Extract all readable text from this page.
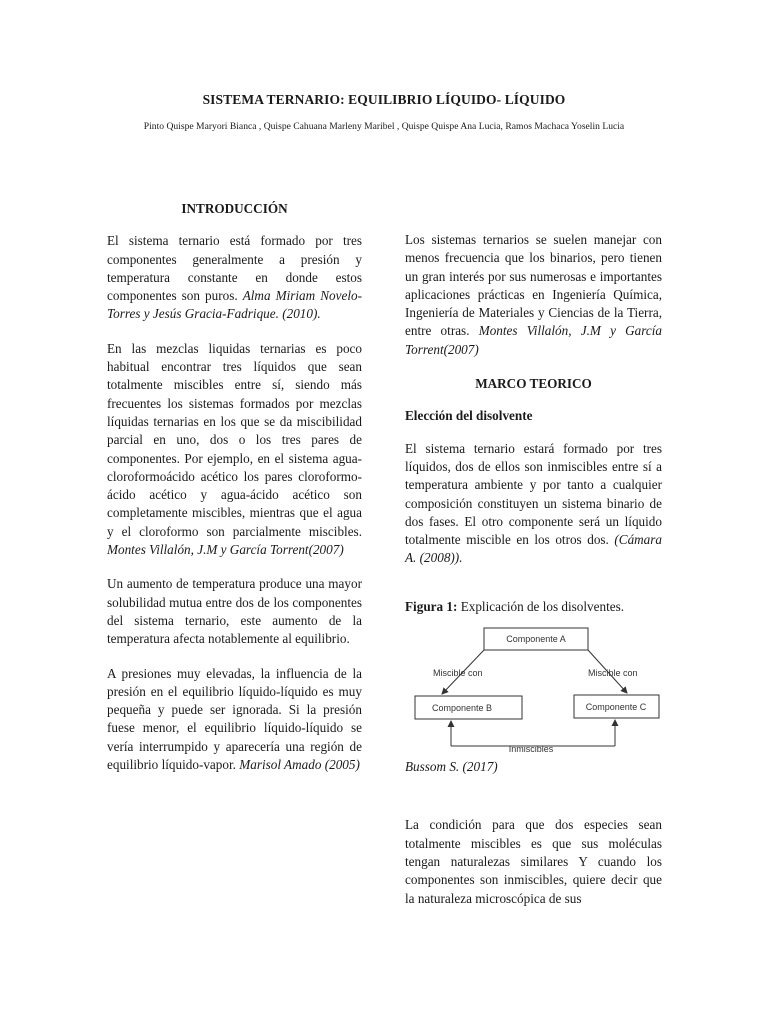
SISTEMA TERNARIO: EQUILIBRIO LÍQUIDO- LÍQUIDO
Pinto Quispe Maryori Bianca , Quispe Cahuana Marleny Maribel , Quispe Quispe Ana Lucia, Ramos Machaca Yoselin Lucia
INTRODUCCIÓN

El sistema ternario está formado por tres componentes generalmente a presión y temperatura constante en donde estos componentes son puros. Alma Miriam Novelo-Torres y Jesús Gracia-Fadrique. (2010).

En las mezclas liquidas ternarias es poco habitual encontrar tres líquidos que sean totalmente miscibles entre sí, siendo más frecuentes los sistemas formados por mezclas líquidas ternarias en los que se da miscibilidad parcial en uno, dos o los tres pares de componentes. Por ejemplo, en el sistema agua-cloroformoácido acético los pares cloroformo-ácido acético y agua-ácido acético son completamente miscibles, mientras que el agua y el cloroformo son parcialmente miscibles. Montes Villalón, J.M y García Torrent(2007)

Un aumento de temperatura produce una mayor solubilidad mutua entre dos de los componentes del sistema ternario, este aumento de la temperatura afecta notablemente al equilibrio.

A presiones muy elevadas, la influencia de la presión en el equilibrio líquido-líquido es muy pequeña y puede ser ignorada. Si la presión fuese menor, el equilibrio líquido-líquido se vería interrumpido y aparecería una región de equilibrio líquido-vapor. Marisol Amado (2005)

Los sistemas ternarios se suelen manejar con menos frecuencia que los binarios, pero tienen un gran interés por sus numerosas e importantes aplicaciones prácticas en Ingeniería Química, Ingeniería de Materiales y Ciencias de la Tierra, entre otras. Montes Villalón, J.M y García Torrent(2007)

MARCO TEORICO
Elección del disolvente

El sistema ternario estará formado por tres líquidos, dos de ellos son inmiscibles entre sí a temperatura ambiente y por tanto a cualquier composición constituyen un sistema binario de dos fases. El otro componente será un líquido totalmente miscible en los otros dos. (Cámara A. (2008)).

Figura 1: Explicación de los disolventes.
Componente A
Componente B	Componente C
Miscible con	Miscible con
Inmiscibles
Bussom S. (2017)

La condición para que dos especies sean totalmente miscibles es que sus moléculas tengan naturalezas similares Y cuando los componentes son inmiscibles, quiere decir que la naturaleza microscópica de sus
